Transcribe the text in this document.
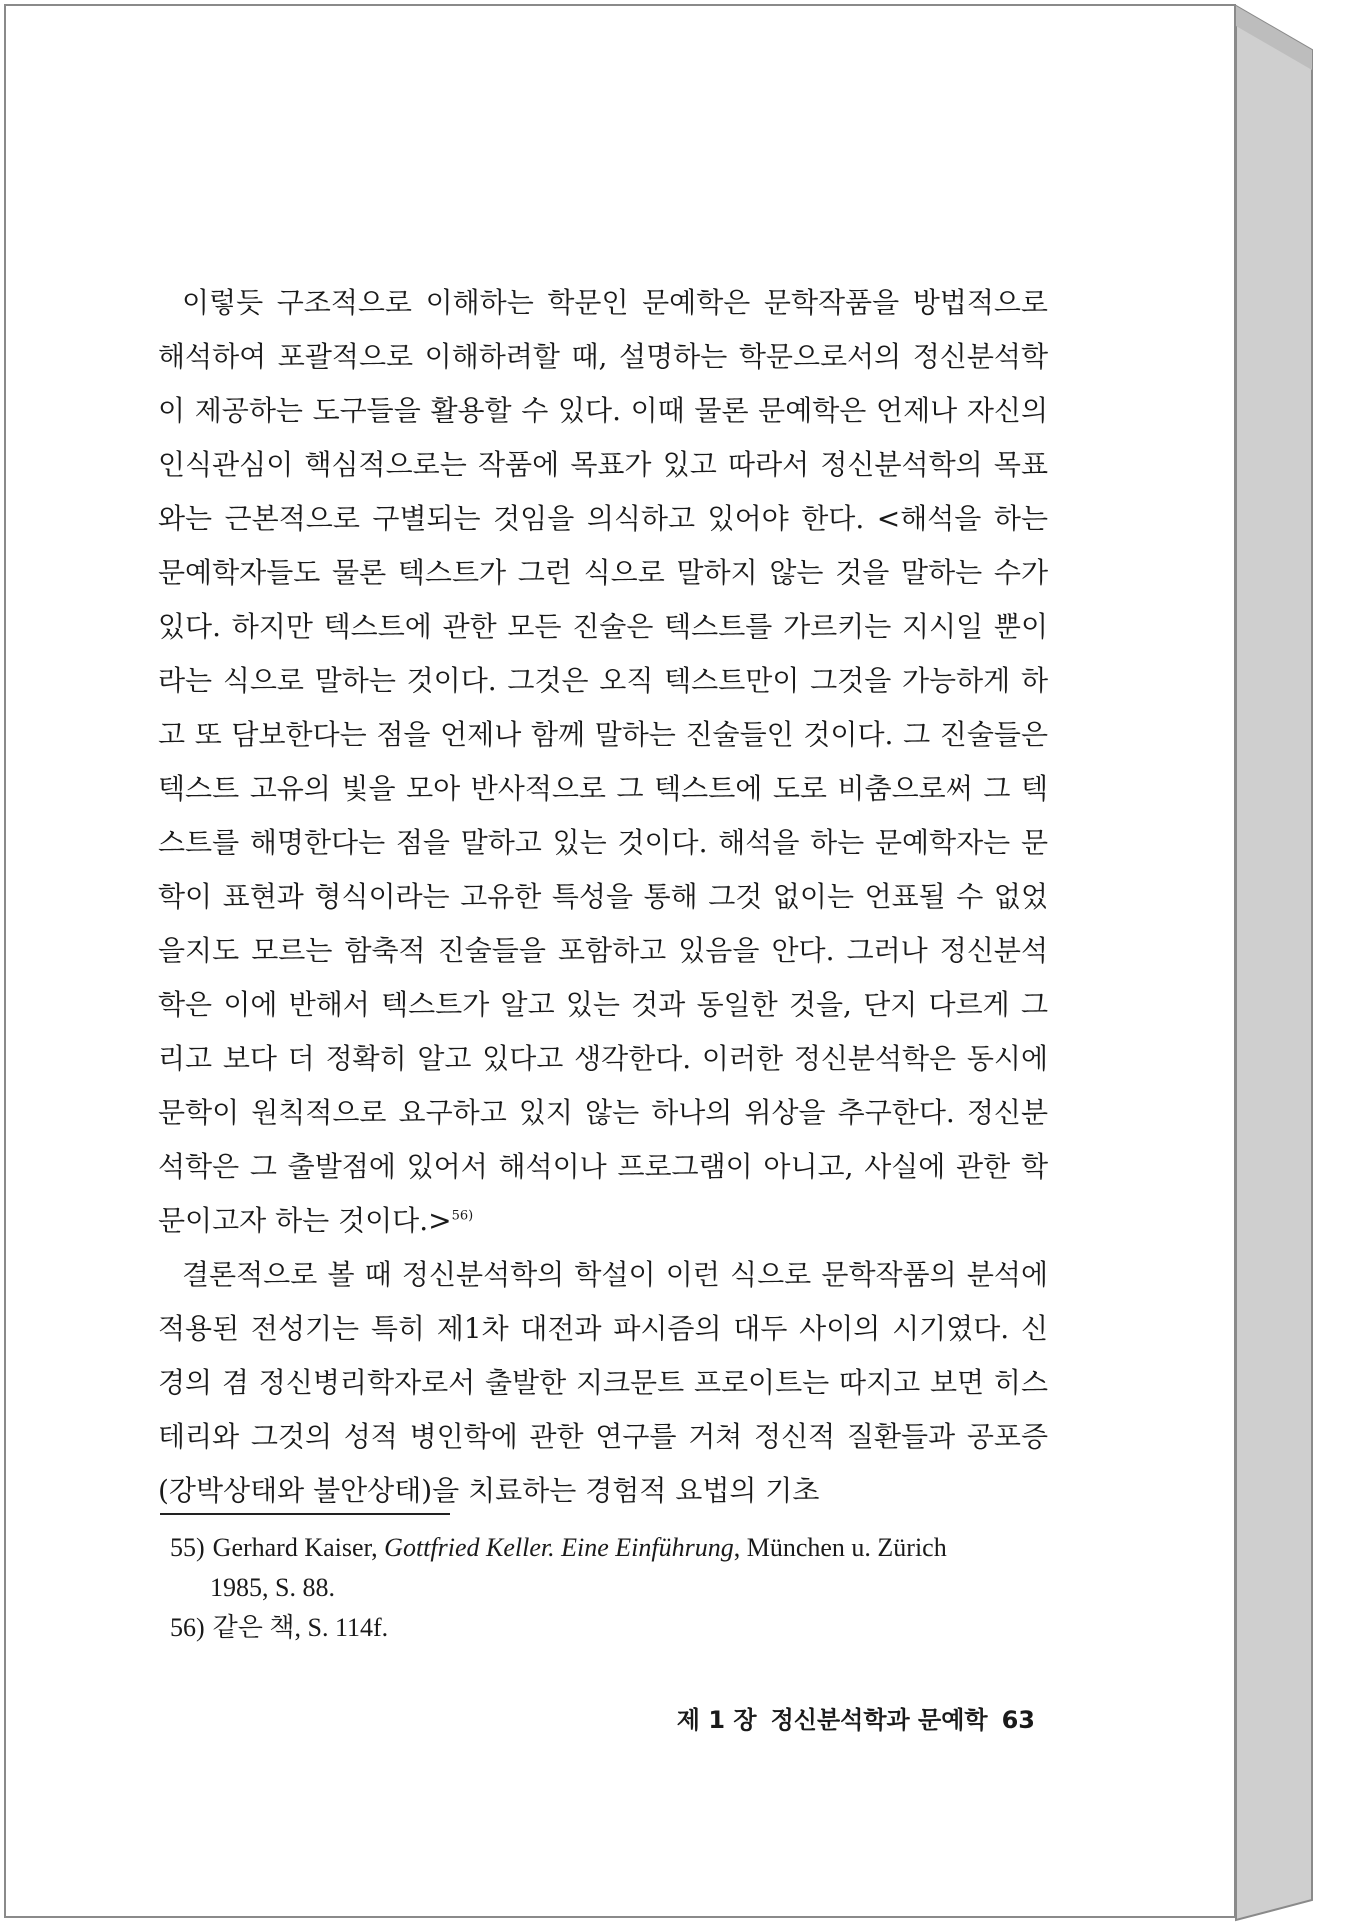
이렇듯 구조적으로 이해하는 학문인 문예학은 문학작품을 방법적으로 해석하여 포괄적으로 이해하려할 때, 설명하는 학문으로서의 정신분석학이 제공하는 도구들을 활용할 수 있다. 이때 물론 문예학은 언제나 자신의 인식관심이 핵심적으로는 작품에 목표가 있고 따라서 정신분석학의 목표와는 근본적으로 구별되는 것임을 의식하고 있어야 한다. <해석을 하는 문예학자들도 물론 텍스트가 그런 식으로 말하지 않는 것을 말하는 수가 있다. 하지만 텍스트에 관한 모든 진술은 텍스트를 가르키는 지시일 뿐이라는 식으로 말하는 것이다. 그것은 오직 텍스트만이 그것을 가능하게 하고 또 담보한다는 점을 언제나 함께 말하는 진술들인 것이다. 그 진술들은 텍스트 고유의 빛을 모아 반사적으로 그 텍스트에 도로 비춤으로써 그 텍스트를 해명한다는 점을 말하고 있는 것이다. 해석을 하는 문예학자는 문학이 표현과 형식이라는 고유한 특성을 통해 그것 없이는 언표될 수 없었을지도 모르는 함축적 진술들을 포함하고 있음을 안다. 그러나 정신분석학은 이에 반해서 텍스트가 알고 있는 것과 동일한 것을, 단지 다르게 그리고 보다 더 정확히 알고 있다고 생각한다. 이러한 정신분석학은 동시에 문학이 원칙적으로 요구하고 있지 않는 하나의 위상을 추구한다. 정신분석학은 그 출발점에 있어서 해석이나 프로그램이 아니고, 사실에 관한 학문이고자 하는 것이다.>$^{56)}$

결론적으로 볼 때 정신분석학의 학설이 이런 식으로 문학작품의 분석에 적용된 전성기는 특히 제1차 대전과 파시즘의 대두 사이의 시기였다. 신경의 겸 정신병리학자로서 출발한 지크문트 프로이트는 따지고 보면 히스테리와 그것의 성적 병인학에 관한 연구를 거쳐 정신적 질환들과 공포증(강박상태와 불안상태)을 치료하는 경험적 요법의 기초

55) Gerhard Kaiser, Gottfried Keller. Eine Einführung, München u. Zürich

1985, S. 88.

56) 같은 책, S. 114f.

제 1 장 정신분석학과 문예학 63
